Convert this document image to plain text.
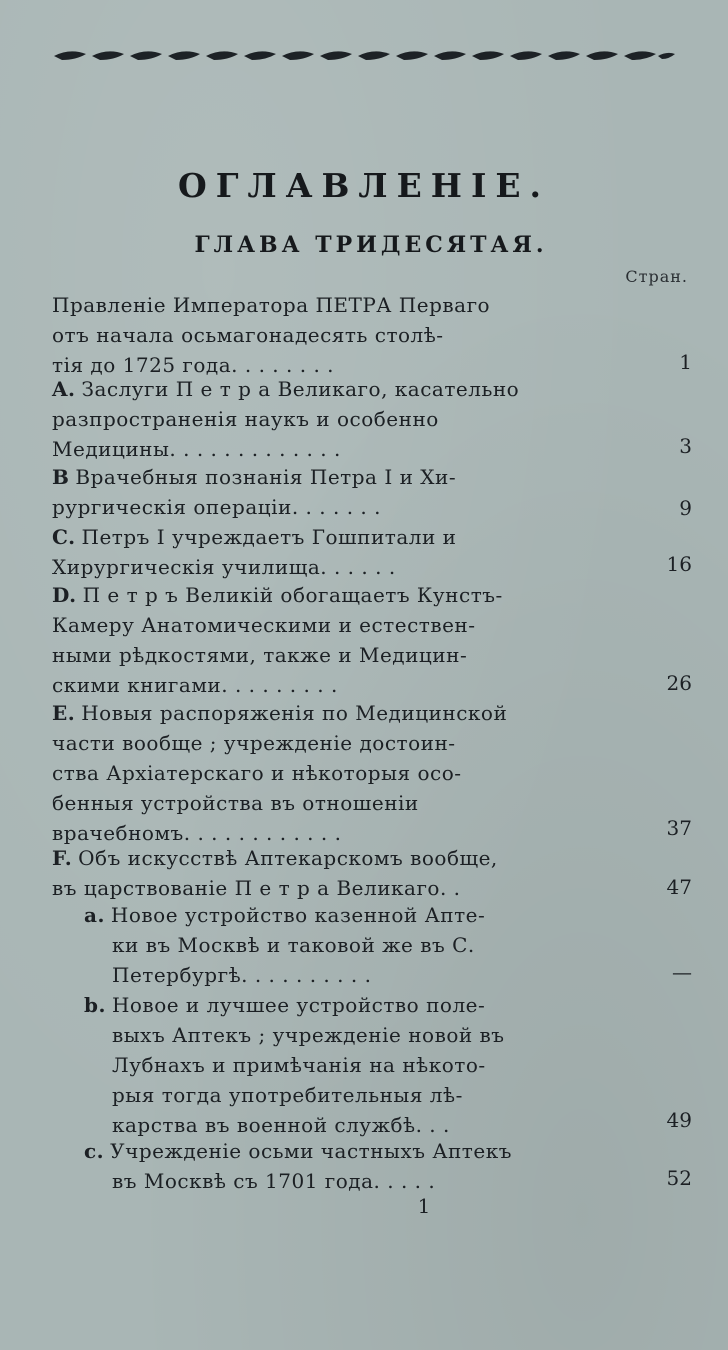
ОГЛАВЛЕНІЕ.
ГЛАВА ТРИДЕСЯТАЯ.
Стран.
Правленіе Императора ПЕТРА Перваго
отъ начала осьмагонадесять столѣ-
тія до 1725 года. . . . . . . .	1
A. Заслуги П е т р а Великаго, касательно
разпространенія наукъ и особенно
Медицины. . . . . . . . . . . . .	3
B Врачебныя познанія Петра I и Хи-
рургическія операціи. . . . . . .	9
C. Петръ I учреждаетъ Гошпитали и
Хирургическія училища. . . . . .	16
D. П е т р ъ Великій обогащаетъ Кунстъ-
Камеру Анатомическими и естествен-
ными рѣдкостями, также и Медицин-
скими книгами. . . . . . . . .	26
E. Новыя распоряженія по Медицинской
части вообще ; учрежденіе достоин-
ства Архіатерскаго и нѣкоторыя осо-
бенныя устройства въ отношеніи
врачебномъ. . . . . . . . . . . .	37
F. Объ искусствѣ Аптекарскомъ вообще,
въ царствованіе П е т р а Великаго. .	47
a. Новое устройство казенной Апте-
ки въ Москвѣ и таковой же въ С.
Петербургѣ. . . . . . . . . .	—
b. Новое и лучшее устройство поле-
выхъ Аптекъ ; учрежденіе новой въ
Лубнахъ и примѣчанія на нѣкото-
рыя тогда употребительныя лѣ-
карства въ военной службѣ. . .	49
c. Учрежденіе осьми частныхъ Аптекъ
въ Москвѣ съ 1701 года. . . . .	52
1
